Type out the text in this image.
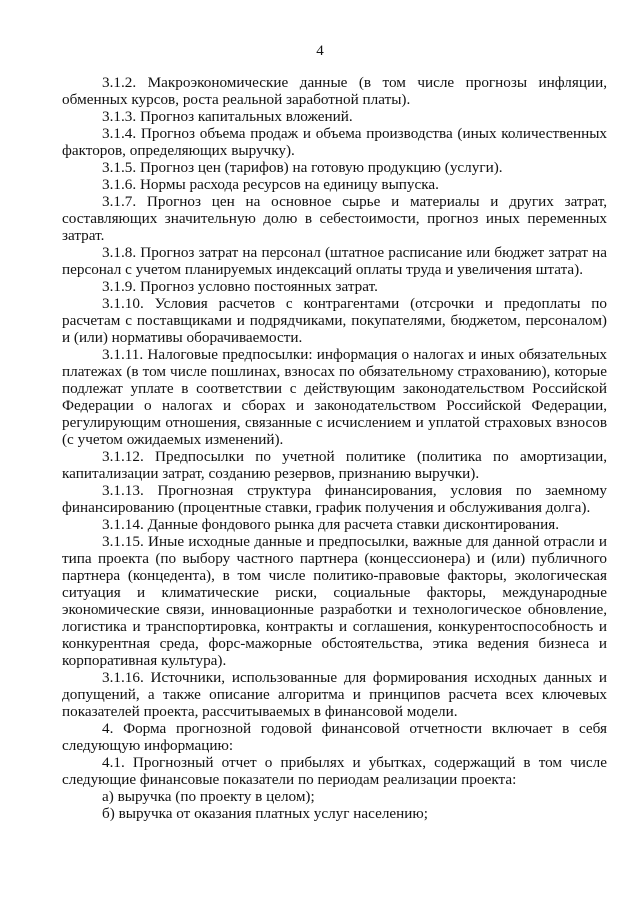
4

3.1.2. Макроэкономические данные (в том числе прогнозы инфляции, обменных курсов, роста реальной заработной платы).

3.1.3. Прогноз капитальных вложений.

3.1.4. Прогноз объема продаж и объема производства (иных количественных факторов, определяющих выручку).

3.1.5. Прогноз цен (тарифов) на готовую продукцию (услуги).

3.1.6. Нормы расхода ресурсов на единицу выпуска.

3.1.7. Прогноз цен на основное сырье и материалы и других затрат, составляющих значительную долю в себестоимости, прогноз иных переменных затрат.

3.1.8. Прогноз затрат на персонал (штатное расписание или бюджет затрат на персонал с учетом планируемых индексаций оплаты труда и увеличения штата).

3.1.9. Прогноз условно постоянных затрат.

3.1.10. Условия расчетов с контрагентами (отсрочки и предоплаты по расчетам с поставщиками и подрядчиками, покупателями, бюджетом, персоналом) и (или) нормативы оборачиваемости.

3.1.11. Налоговые предпосылки: информация о налогах и иных обязательных платежах (в том числе пошлинах, взносах по обязательному страхованию), которые подлежат уплате в соответствии с действующим законодательством Российской Федерации о налогах и сборах и законодательством Российской Федерации, регулирующим отношения, связанные с исчислением и уплатой страховых взносов (с учетом ожидаемых изменений).

3.1.12. Предпосылки по учетной политике (политика по амортизации, капитализации затрат, созданию резервов, признанию выручки).

3.1.13. Прогнозная структура финансирования, условия по заемному финансированию (процентные ставки, график получения и обслуживания долга).

3.1.14. Данные фондового рынка для расчета ставки дисконтирования.

3.1.15. Иные исходные данные и предпосылки, важные для данной отрасли и типа проекта (по выбору частного партнера (концессионера) и (или) публичного партнера (концедента), в том числе политико-правовые факторы, экологическая ситуация и климатические риски, социальные факторы, международные экономические связи, инновационные разработки и технологическое обновление, логистика и транспортировка, контракты и соглашения, конкурентоспособность и конкурентная среда, форс-мажорные обстоятельства, этика ведения бизнеса и корпоративная культура).

3.1.16. Источники, использованные для формирования исходных данных и допущений, а также описание алгоритма и принципов расчета всех ключевых показателей проекта, рассчитываемых в финансовой модели.

4. Форма прогнозной годовой финансовой отчетности включает в себя следующую информацию:

4.1. Прогнозный отчет о прибылях и убытках, содержащий в том числе следующие финансовые показатели по периодам реализации проекта:

а) выручка (по проекту в целом);

б) выручка от оказания платных услуг населению;
